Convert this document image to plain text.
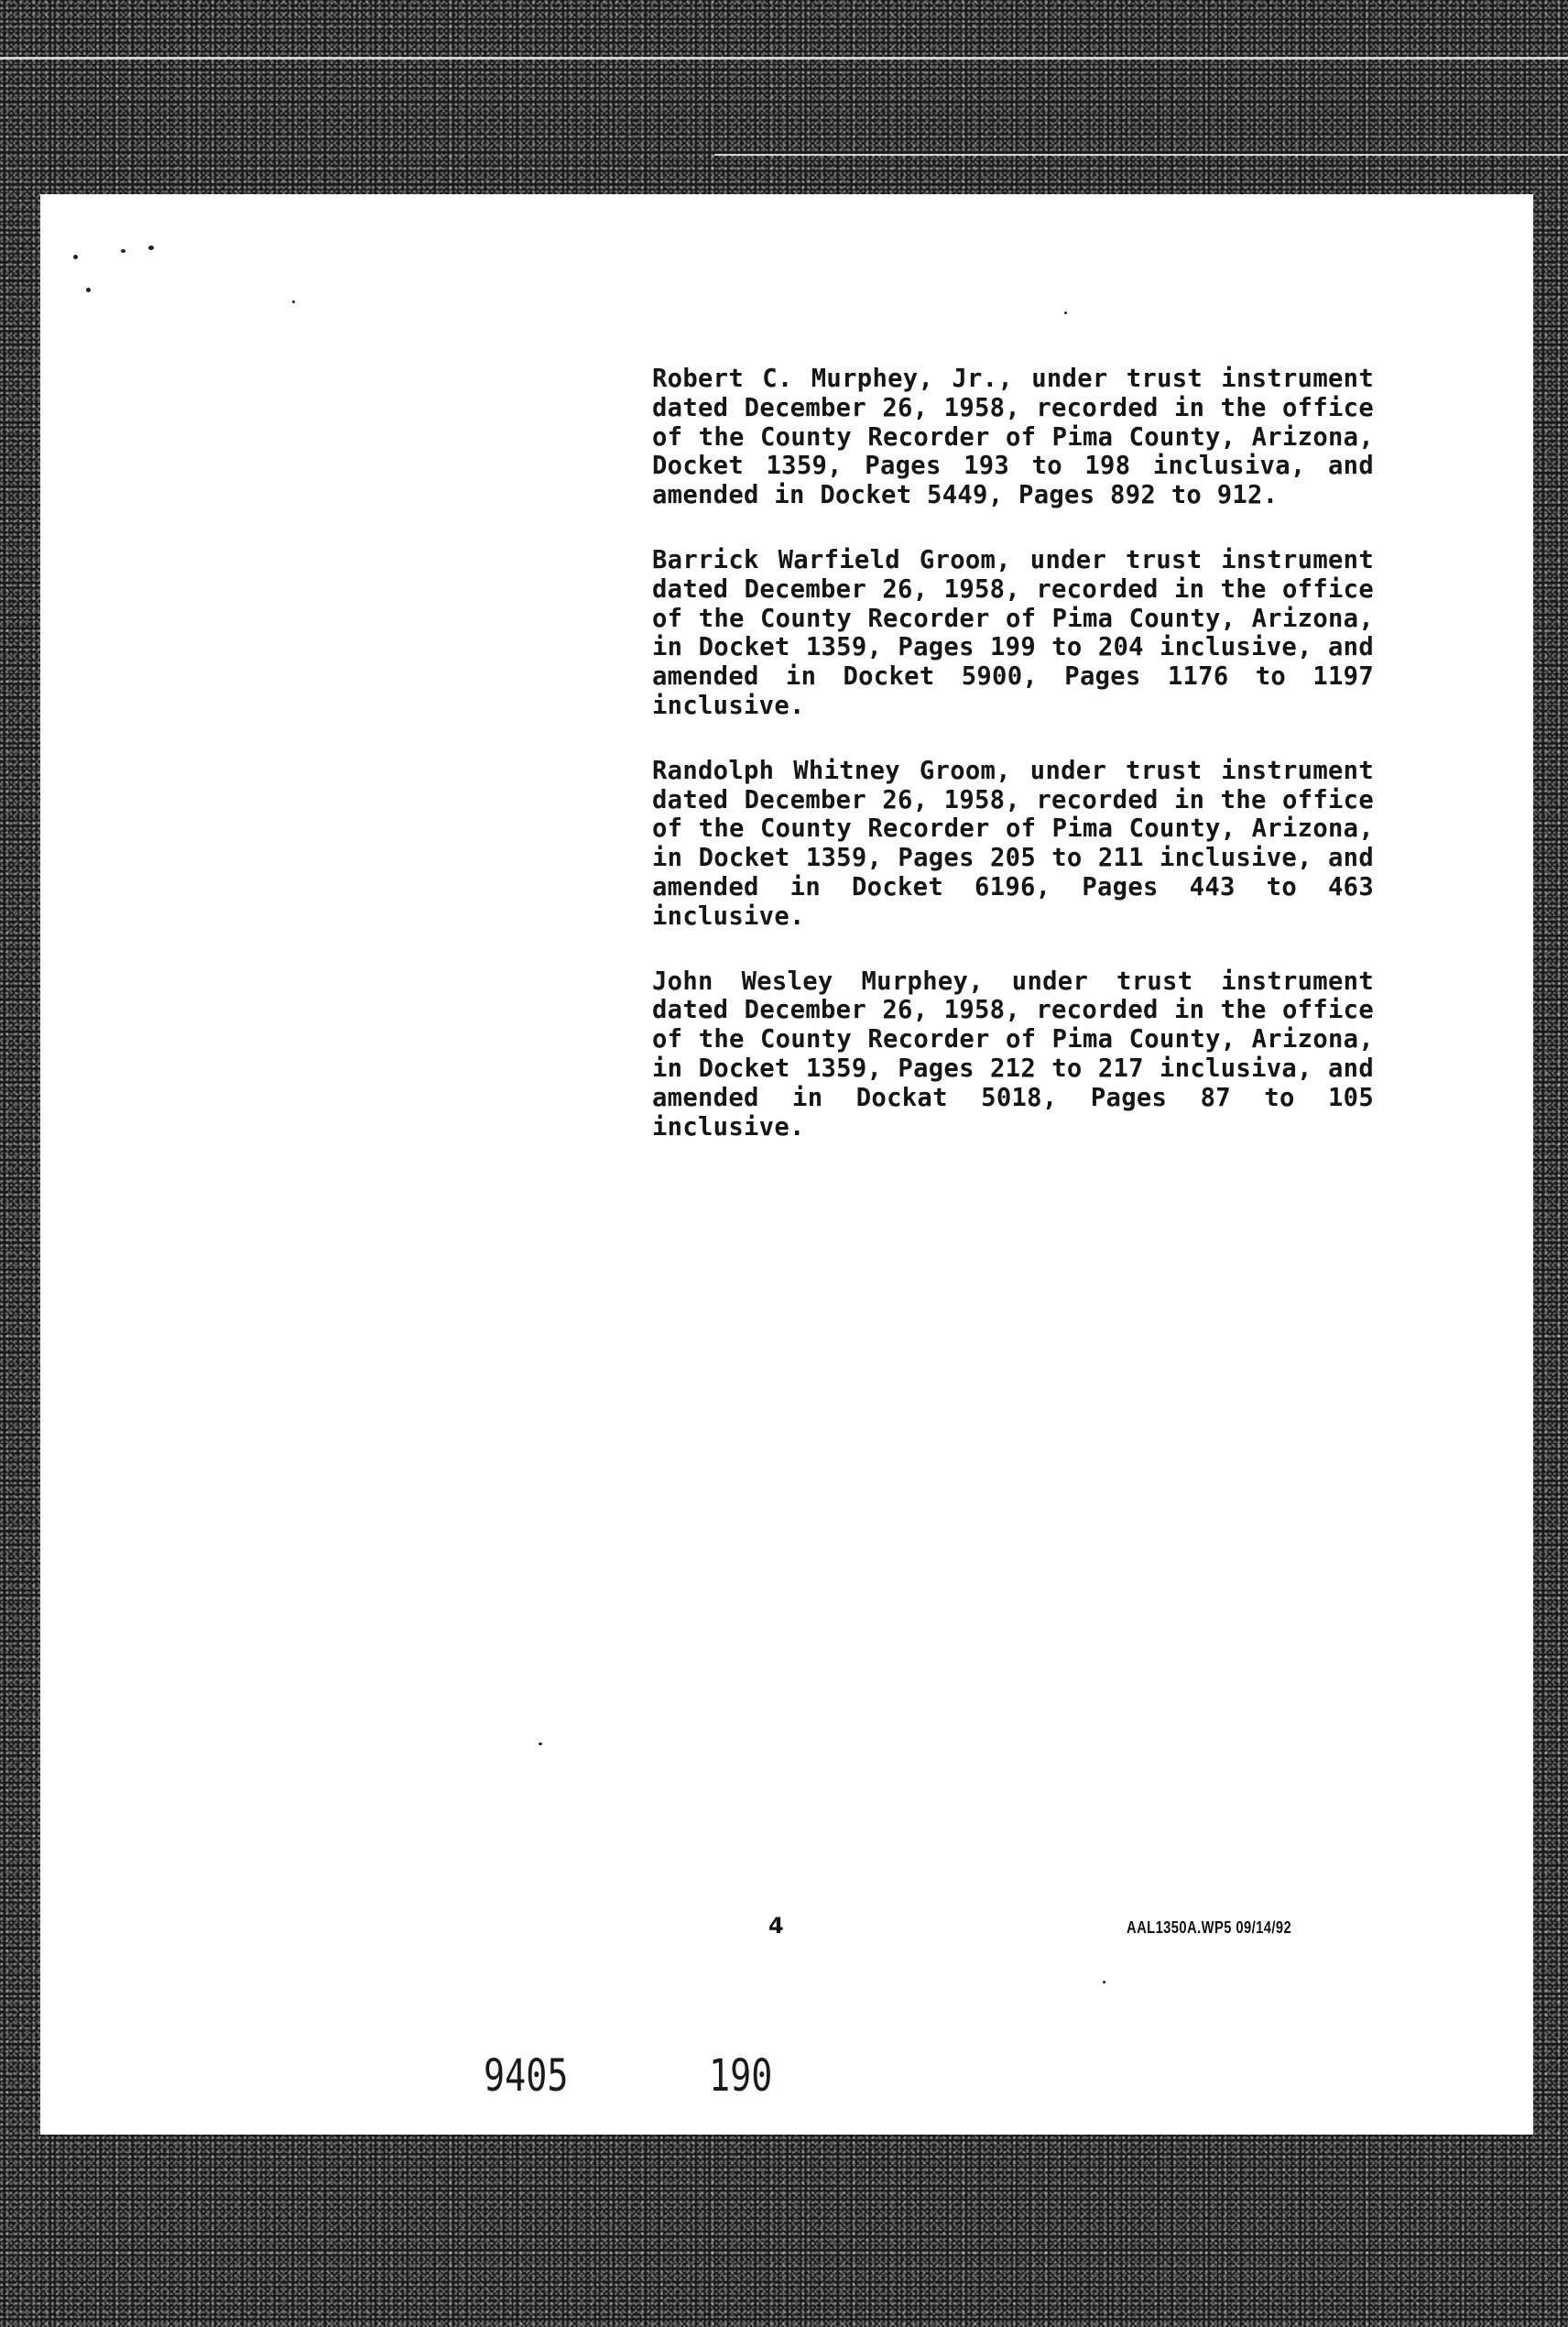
Robert C. Murphey, Jr., under trust instrument dated December 26, 1958, recorded in the office of the County Recorder of Pima County, Arizona, Docket 1359, Pages 193 to 198 inclusiva, and amended in Docket 5449, Pages 892 to 912.

Barrick Warfield Groom, under trust instrument dated December 26, 1958, recorded in the office of the County Recorder of Pima County, Arizona, in Docket 1359, Pages 199 to 204 inclusive, and amended in Docket 5900, Pages 1176 to 1197 inclusive.

Randolph Whitney Groom, under trust instrument dated December 26, 1958, recorded in the office of the County Recorder of Pima County, Arizona, in Docket 1359, Pages 205 to 211 inclusive, and amended in Docket 6196, Pages 443 to 463 inclusive.

John Wesley Murphey, under trust instrument dated December 26, 1958, recorded in the office of the County Recorder of Pima County, Arizona, in Docket 1359, Pages 212 to 217 inclusiva, and amended in Dockat 5018, Pages 87 to 105 inclusive.

4	AAL1350A.WP5 09/14/92
9405	190
